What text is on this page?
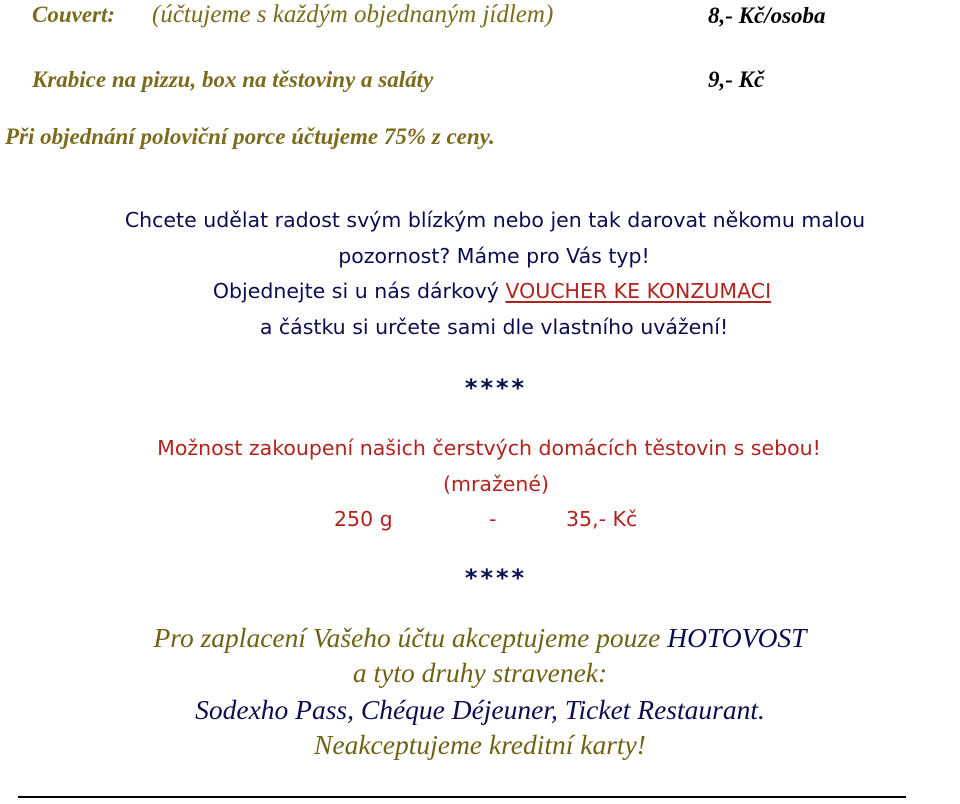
Couvert: (účtujeme s každým objednaným jídlem)	8,- Kč/osoba
Krabice na pizzu, box na těstoviny a saláty	9,- Kč
Při objednání poloviční porce účtujeme 75% z ceny.
Chcete udělat radost svým blízkým nebo jen tak darovat někomu malou
pozornost? Máme pro Vás typ!
Objednejte si u nás dárkový VOUCHER KE KONZUMACI
a částku si určete sami dle vlastního uvážení!
****
Možnost zakoupení našich čerstvých domácích těstovin s sebou!
(mražené)
250 g	-	35,- Kč
****
Pro zaplacení Vašeho účtu akceptujeme pouze HOTOVOST
a tyto druhy stravenek:
Sodexho Pass, Chéque Déjeuner, Ticket Restaurant.
Neakceptujeme kreditní karty!
